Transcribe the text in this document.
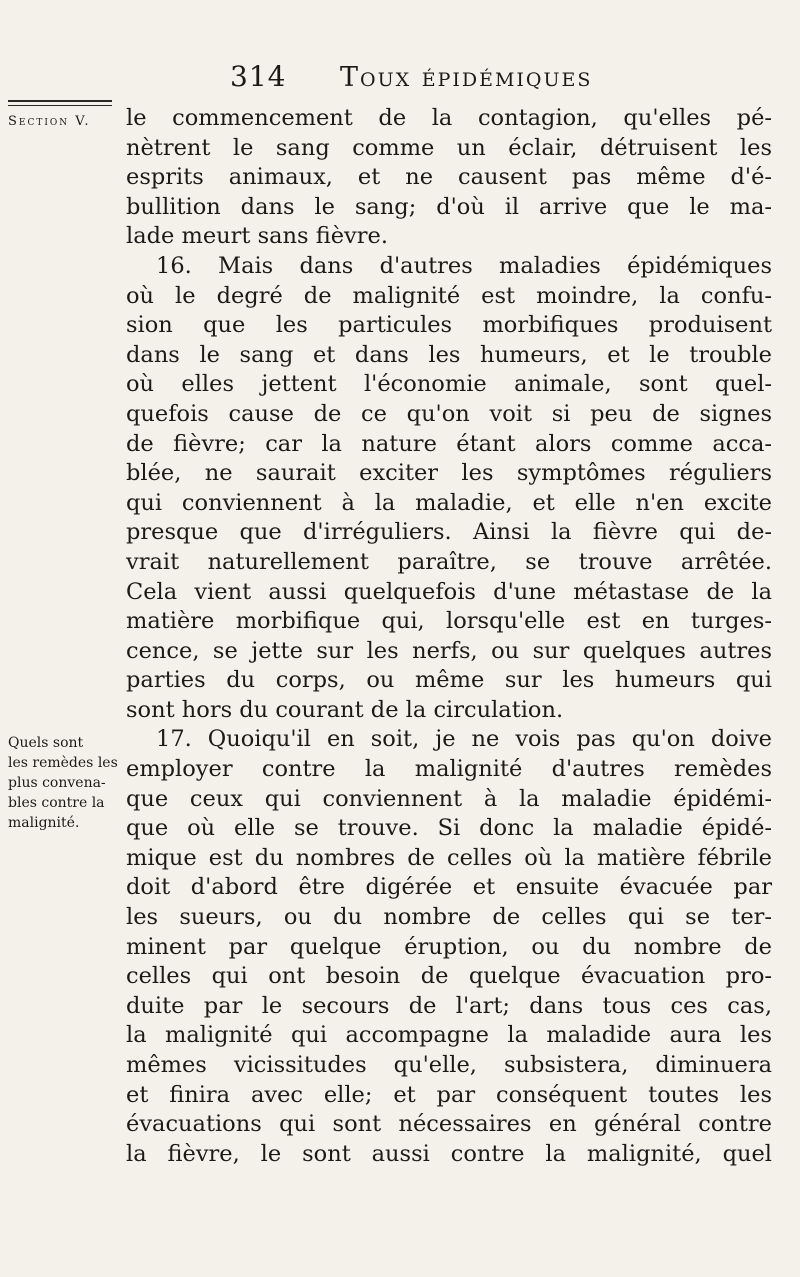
314 Toux épidémiques
Section V.
Quels sont
les remèdes les
plus convena-
bles contre la
malignité.
le commencement de la contagion, qu'elles pé-
nètrent le sang comme un éclair, détruisent les
esprits animaux, et ne causent pas même d'é-
bullition dans le sang; d'où il arrive que le ma-
lade meurt sans fièvre.
16. Mais dans d'autres maladies épidémiques
où le degré de malignité est moindre, la confu-
sion que les particules morbifiques produisent
dans le sang et dans les humeurs, et le trouble
où elles jettent l'économie animale, sont quel-
quefois cause de ce qu'on voit si peu de signes
de fièvre; car la nature étant alors comme acca-
blée, ne saurait exciter les symptômes réguliers
qui conviennent à la maladie, et elle n'en excite
presque que d'irréguliers. Ainsi la fièvre qui de-
vrait naturellement paraître, se trouve arrêtée.
Cela vient aussi quelquefois d'une métastase de la
matière morbifique qui, lorsqu'elle est en turges-
cence, se jette sur les nerfs, ou sur quelques autres
parties du corps, ou même sur les humeurs qui
sont hors du courant de la circulation.
17. Quoiqu'il en soit, je ne vois pas qu'on doive
employer contre la malignité d'autres remèdes
que ceux qui conviennent à la maladie épidémi-
que où elle se trouve. Si donc la maladie épidé-
mique est du nombres de celles où la matière fébrile
doit d'abord être digérée et ensuite évacuée par
les sueurs, ou du nombre de celles qui se ter-
minent par quelque éruption, ou du nombre de
celles qui ont besoin de quelque évacuation pro-
duite par le secours de l'art; dans tous ces cas,
la malignité qui accompagne la maladide aura les
mêmes vicissitudes qu'elle, subsistera, diminuera
et finira avec elle; et par conséquent toutes les
évacuations qui sont nécessaires en général contre
la fièvre, le sont aussi contre la malignité, quel
